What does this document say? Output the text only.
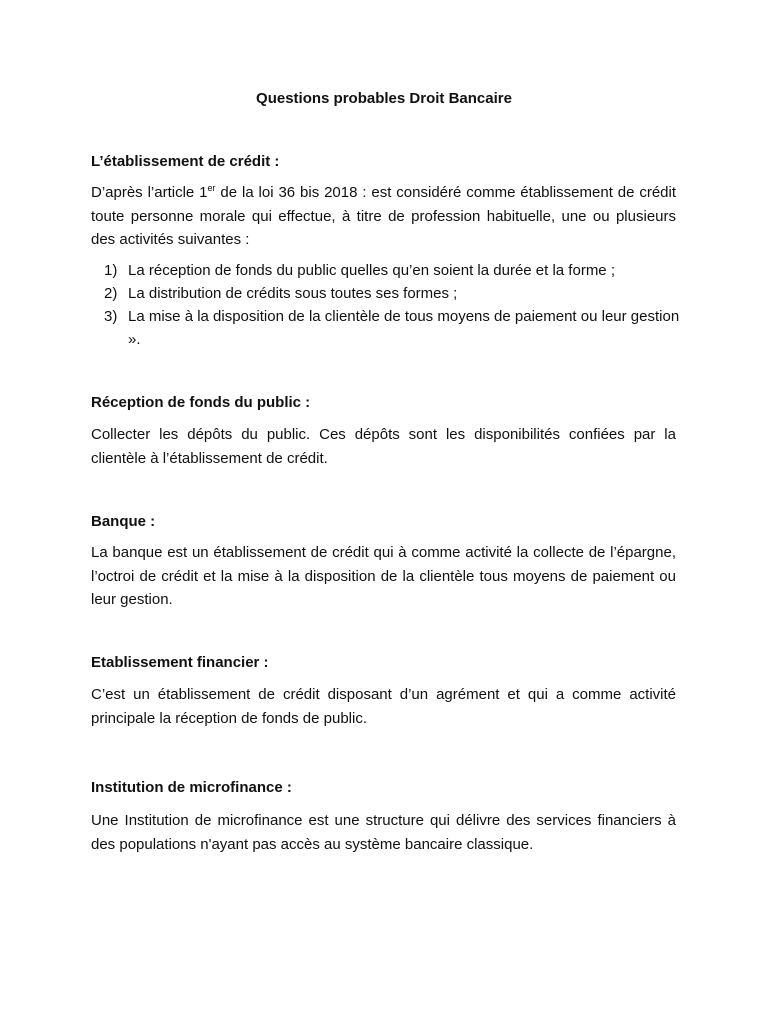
Questions probables Droit Bancaire
L’établissement de crédit :

D’après l’article 1er de la loi 36 bis 2018 : est considéré comme établissement de crédit toute personne morale qui effectue, à titre de profession habituelle, une ou plusieurs des activités suivantes :

1) La réception de fonds du public quelles qu’en soient la durée et la forme ;
2) La distribution de crédits sous toutes ses formes ;
3) La mise à la disposition de la clientèle de tous moyens de paiement ou leur gestion ».
Réception de fonds du public :

Collecter les dépôts du public. Ces dépôts sont les disponibilités confiées par la clientèle à l’établissement de crédit.

Banque :

La banque est un établissement de crédit qui à comme activité la collecte de l’épargne, l’octroi de crédit et la mise à la disposition de la clientèle tous moyens de paiement ou leur gestion.

Etablissement financier :

C’est un établissement de crédit disposant d’un agrément et qui a comme activité principale la réception de fonds de public.

Institution de microfinance :

Une Institution de microfinance est une structure qui délivre des services financiers à des populations n'ayant pas accès au système bancaire classique.
